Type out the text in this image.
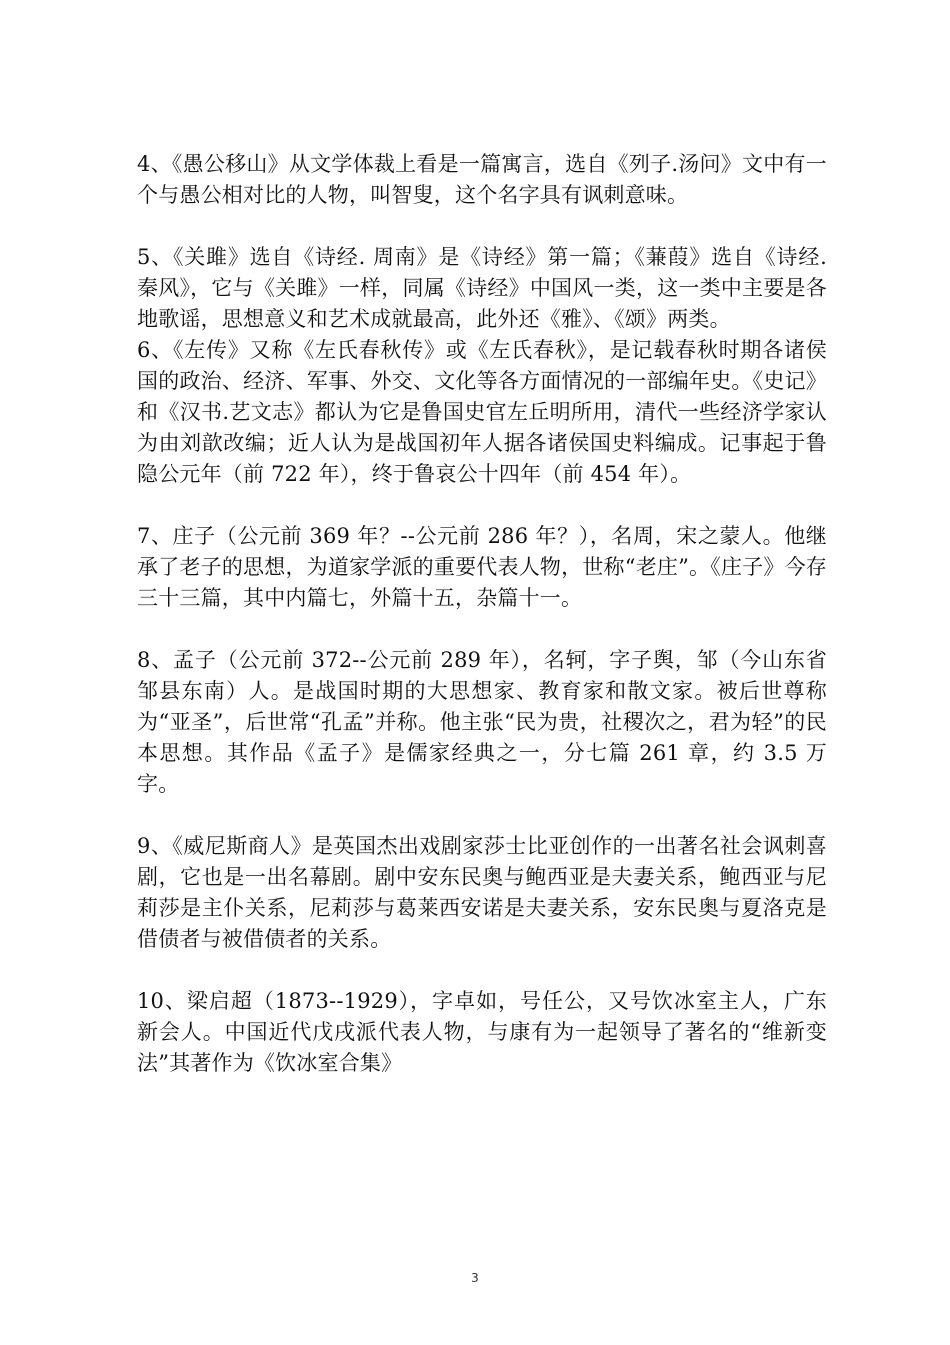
4、《愚公移山》从文学体裁上看是一篇寓言，选自《列子.汤问》文中有一个与愚公相对比的人物，叫智叟，这个名字具有讽刺意味。

5、《关雎》选自《诗经. 周南》是《诗经》第一篇；《蒹葭》选自《诗经.秦风》，它与《关雎》一样，同属《诗经》中国风一类，这一类中主要是各地歌谣，思想意义和艺术成就最高，此外还《雅》、《颂》两类。

6、《左传》又称《左氏春秋传》或《左氏春秋》，是记载春秋时期各诸侯国的政治、经济、军事、外交、文化等各方面情况的一部编年史。《史记》和《汉书.艺文志》都认为它是鲁国史官左丘明所用，清代一些经济学家认为由刘歆改编；近人认为是战国初年人据各诸侯国史料编成。记事起于鲁隐公元年（前 722 年），终于鲁哀公十四年（前 454 年）。

7、庄子（公元前 369 年？--公元前 286 年？），名周，宋之蒙人。他继承了老子的思想，为道家学派的重要代表人物，世称“老庄”。《庄子》今存三十三篇，其中内篇七，外篇十五，杂篇十一。

8、孟子（公元前 372--公元前 289 年），名轲，字子舆，邹（今山东省邹县东南）人。是战国时期的大思想家、教育家和散文家。被后世尊称为“亚圣”，后世常“孔孟”并称。他主张“民为贵，社稷次之，君为轻”的民本思想。其作品《孟子》是儒家经典之一，分七篇 261 章，约 3.5 万字。

9、《威尼斯商人》是英国杰出戏剧家莎士比亚创作的一出著名社会讽刺喜剧，它也是一出名幕剧。剧中安东民奥与鲍西亚是夫妻关系，鲍西亚与尼莉莎是主仆关系，尼莉莎与葛莱西安诺是夫妻关系，安东民奥与夏洛克是借债者与被借债者的关系。

10、梁启超（1873--1929），字卓如，号任公，又号饮冰室主人，广东新会人。中国近代戊戌派代表人物，与康有为一起领导了著名的“维新变法”其著作为《饮冰室合集》

3
